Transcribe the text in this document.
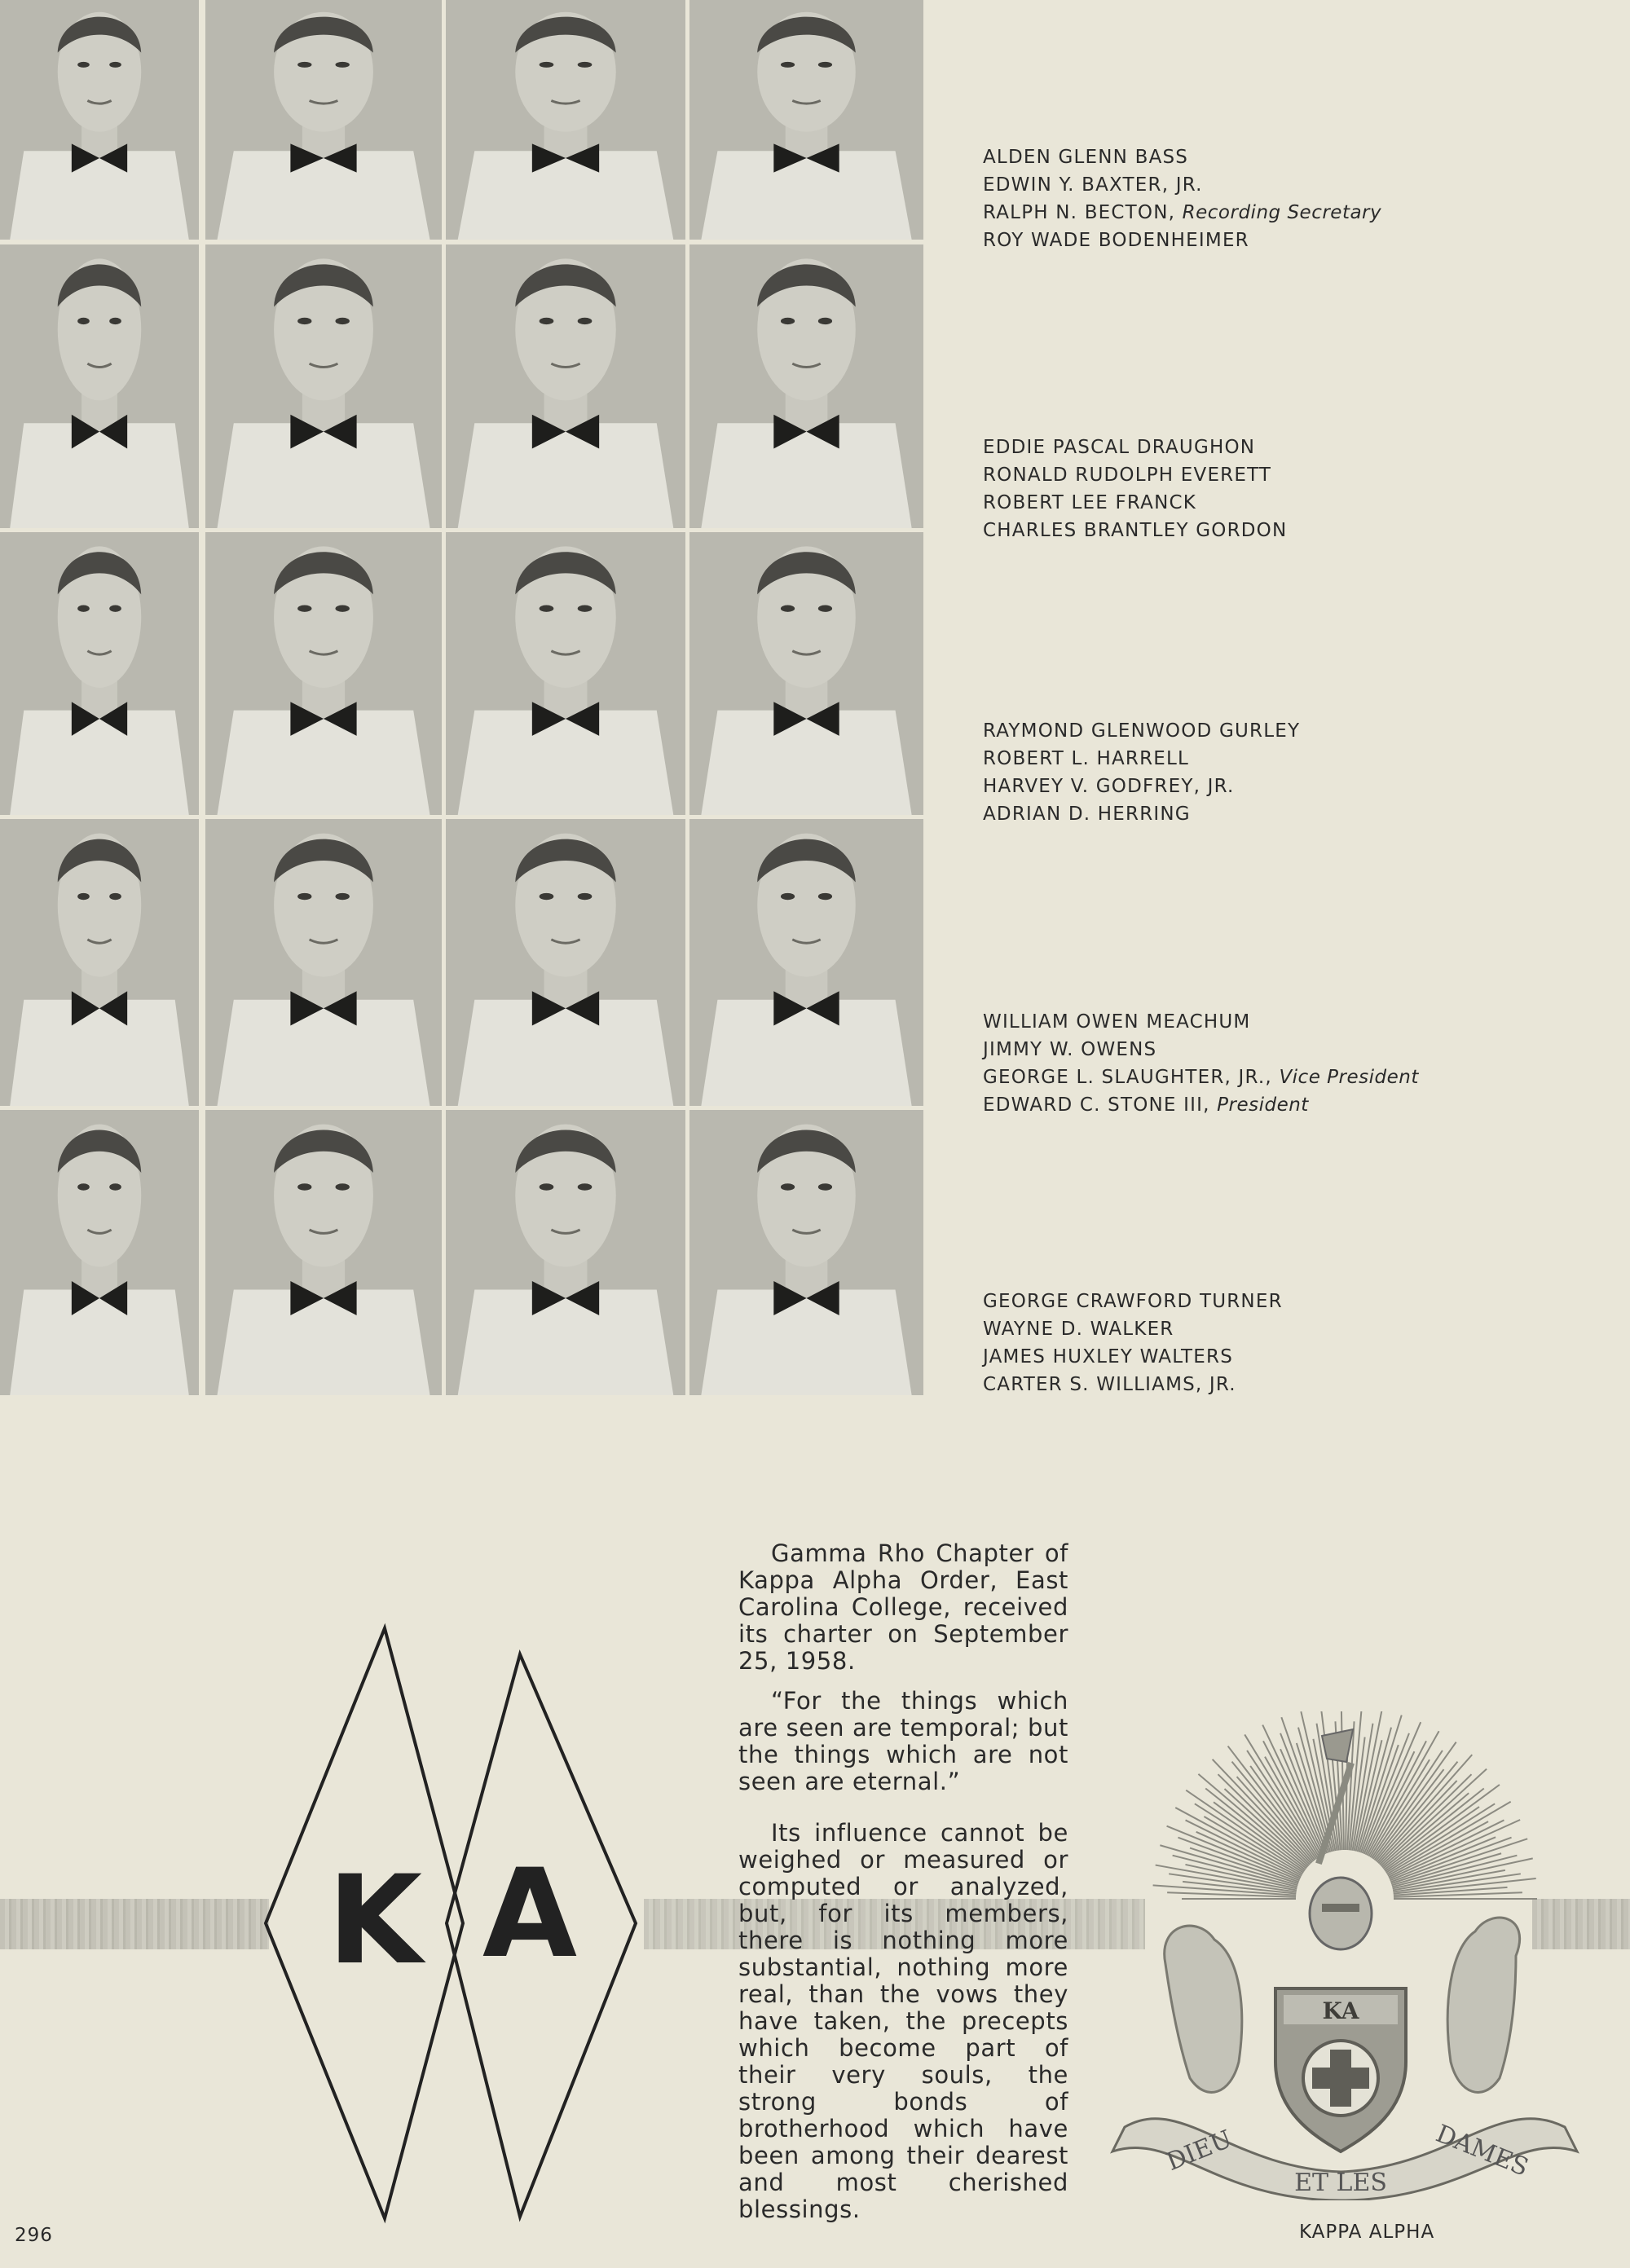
ALDEN GLENN BASS
EDWIN Y. BAXTER, JR.
RALPH N. BECTON, Recording Secretary
ROY WADE BODENHEIMER
EDDIE PASCAL DRAUGHON
RONALD RUDOLPH EVERETT
ROBERT LEE FRANCK
CHARLES BRANTLEY GORDON
RAYMOND GLENWOOD GURLEY
ROBERT L. HARRELL
HARVEY V. GODFREY, JR.
ADRIAN D. HERRING
WILLIAM OWEN MEACHUM
JIMMY W. OWENS
GEORGE L. SLAUGHTER, JR., Vice President
EDWARD C. STONE III, President
GEORGE CRAWFORD TURNER
WAYNE D. WALKER
JAMES HUXLEY WALTERS
CARTER S. WILLIAMS, JR.
K A

Gamma Rho Chapter of Kappa Alpha Order, East Carolina College, received its charter on September 25, 1958.

“For the things which are seen are temporal; but the things which are not seen are eternal.”

Its influence cannot be weighed or measured or computed or analyzed, but, for its members, there is nothing more substantial, nothing more real, than the vows they have taken, the precepts which become part of their very souls, the strong bonds of brotherhood which have been among their dearest and most cherished blessings.

KA
DIEU
ET LES
DAMES
296	KAPPA ALPHA
